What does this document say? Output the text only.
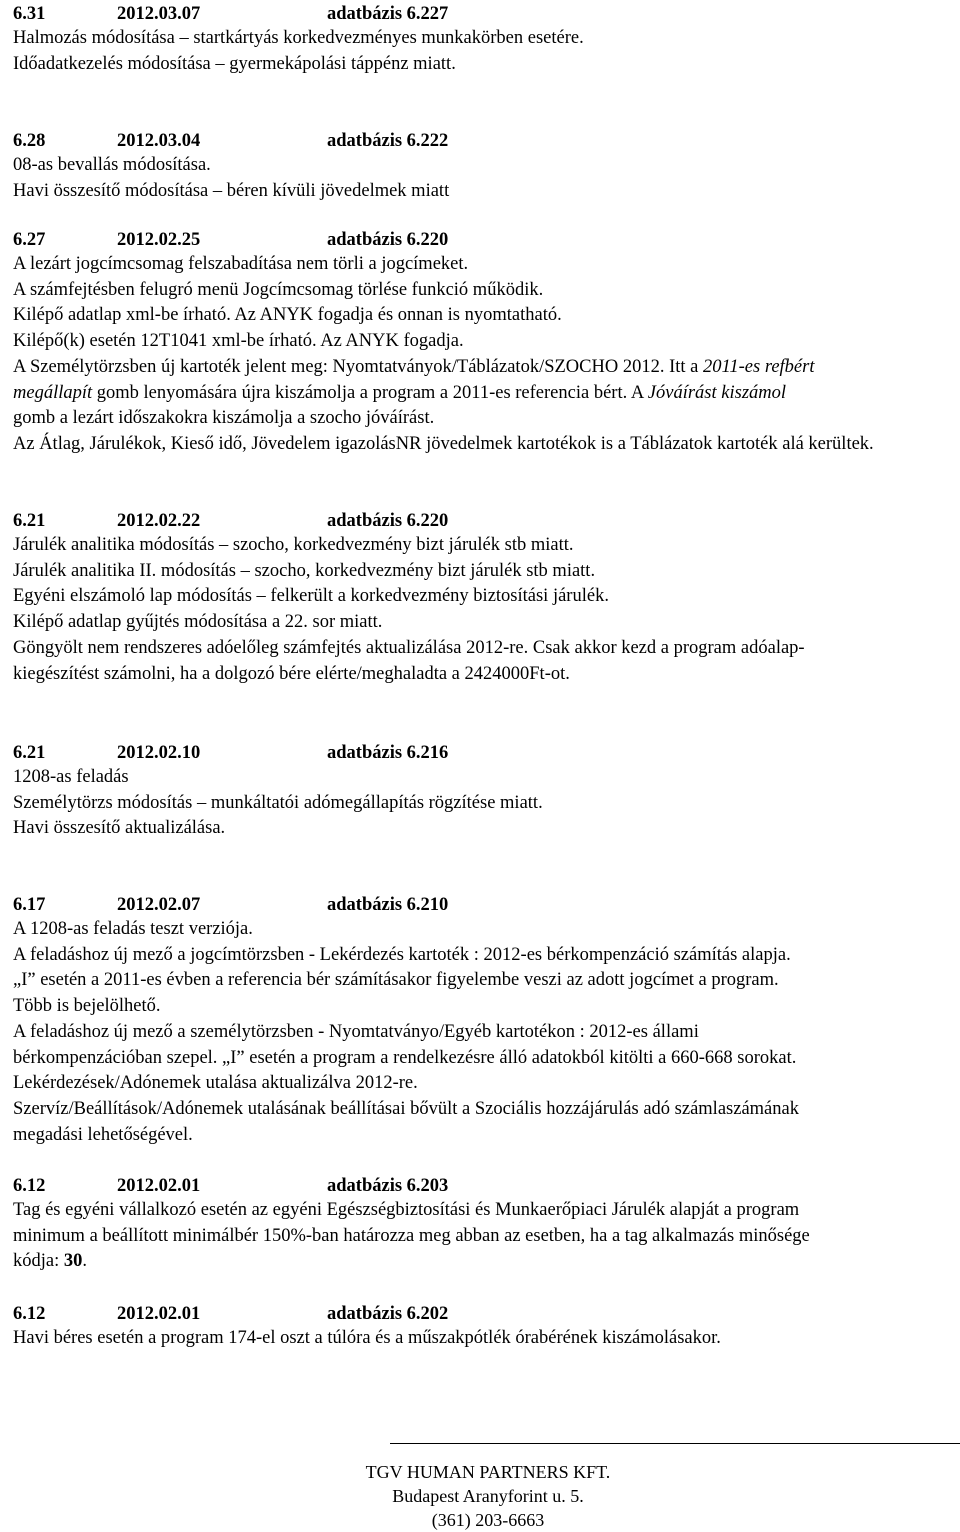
6.31	2012.03.07	adatbázis 6.227
Halmozás módosítása – startkártyás korkedvezményes munkakörben esetére.
Időadatkezelés módosítása – gyermekápolási táppénz miatt.
6.28	2012.03.04	adatbázis 6.222
08-as bevallás módosítása.
Havi összesítő módosítása – béren kívüli jövedelmek miatt
6.27	2012.02.25	adatbázis 6.220
A lezárt jogcímcsomag felszabadítása nem törli a jogcímeket.
A számfejtésben felugró menü Jogcímcsomag törlése funkció működik.
Kilépő adatlap xml-be írható. Az ANYK fogadja és onnan is nyomtatható.
Kilépő(k) esetén 12T1041 xml-be írható. Az ANYK fogadja.
A Személytörzsben új kartoték jelent meg: Nyomtatványok/Táblázatok/SZOCHO 2012. Itt a 2011-es refbért
megállapít gomb lenyomására újra kiszámolja a program a 2011-es referencia bért. A Jóváírást kiszámol
gomb a lezárt időszakokra kiszámolja a szocho jóváírást.
Az Átlag, Járulékok, Kieső idő, Jövedelem igazolásNR jövedelmek kartotékok is a Táblázatok kartoték alá kerültek.
6.21	2012.02.22	adatbázis 6.220
Járulék analitika módosítás – szocho, korkedvezmény bizt járulék stb miatt.
Járulék analitika II. módosítás – szocho, korkedvezmény bizt járulék stb miatt.
Egyéni elszámoló lap módosítás – felkerült a korkedvezmény biztosítási járulék.
Kilépő adatlap gyűjtés módosítása a 22. sor miatt.
Göngyölt nem rendszeres adóelőleg számfejtés aktualizálása 2012-re. Csak akkor kezd a program adóalap-
kiegészítést számolni, ha a dolgozó bére elérte/meghaladta a 2424000Ft-ot.
6.21	2012.02.10	adatbázis 6.216
1208-as feladás
Személytörzs módosítás – munkáltatói adómegállapítás rögzítése miatt.
Havi összesítő aktualizálása.
6.17	2012.02.07	adatbázis 6.210
A 1208-as feladás teszt verziója.
A feladáshoz új mező a jogcímtörzsben - Lekérdezés kartoték : 2012-es bérkompenzáció számítás alapja.
„I” esetén a 2011-es évben a referencia bér számításakor figyelembe veszi az adott jogcímet a program.
Több is bejelölhető.
A feladáshoz új mező a személytörzsben - Nyomtatványo/Egyéb kartotékon : 2012-es állami
bérkompenzációban szepel. „I” esetén a program a rendelkezésre álló adatokból kitölti a 660-668 sorokat.
Lekérdezések/Adónemek utalása aktualizálva 2012-re.
Szervíz/Beállítások/Adónemek utalásának beállításai bővült a Szociális hozzájárulás adó számlaszámának
megadási lehetőségével.
6.12	2012.02.01	adatbázis 6.203
Tag és egyéni vállalkozó esetén az egyéni Egészségbiztosítási és Munkaerőpiaci Járulék alapját a program
minimum a beállított minimálbér 150%-ban határozza meg abban az esetben, ha a tag alkalmazás minősége
kódja: 30.
6.12	2012.02.01	adatbázis 6.202
Havi béres esetén a program 174-el oszt a túlóra és a műszakpótlék órabérének kiszámolásakor.
TGV HUMAN PARTNERS KFT.
Budapest Aranyforint u. 5.
(361) 203-6663
